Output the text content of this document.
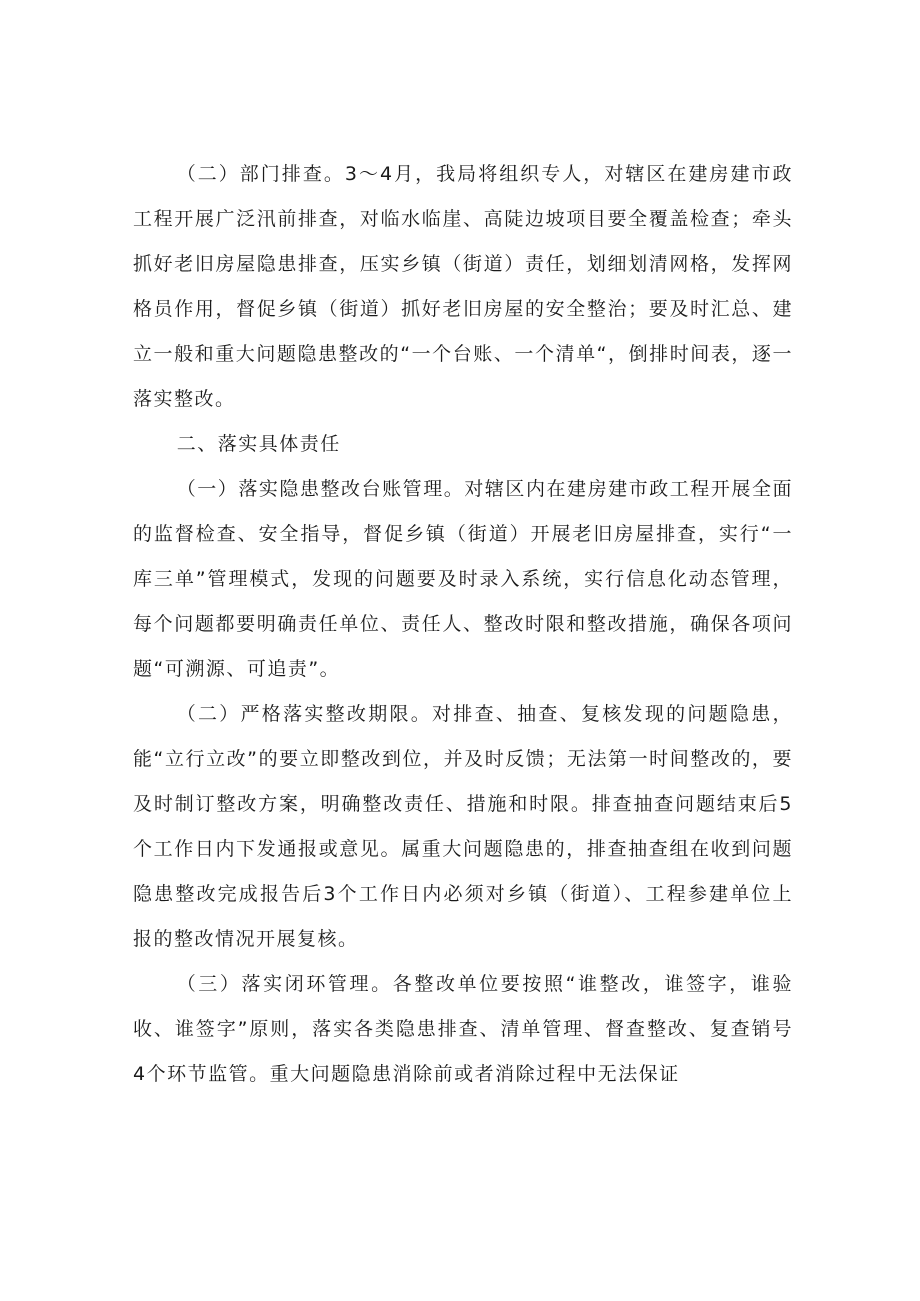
（二）部门排查。3～4月，我局将组织专人，对辖区在建房建市政工程开展广泛汛前排查，对临水临崖、高陡边坡项目要全覆盖检查；牵头抓好老旧房屋隐患排查，压实乡镇（街道）责任，划细划清网格，发挥网格员作用，督促乡镇（街道）抓好老旧房屋的安全整治；要及时汇总、建立一般和重大问题隐患整改的“一个台账、一个清单“，倒排时间表，逐一落实整改。

二、落实具体责任

（一）落实隐患整改台账管理。对辖区内在建房建市政工程开展全面的监督检查、安全指导，督促乡镇（街道）开展老旧房屋排查，实行“一库三单”管理模式，发现的问题要及时录入系统，实行信息化动态管理，每个问题都要明确责任单位、责任人、整改时限和整改措施，确保各项问题“可溯源、可追责”。

（二）严格落实整改期限。对排查、抽查、复核发现的问题隐患，能“立行立改”的要立即整改到位，并及时反馈；无法第一时间整改的，要及时制订整改方案，明确整改责任、措施和时限。排查抽查问题结束后5个工作日内下发通报或意见。属重大问题隐患的，排查抽查组在收到问题隐患整改完成报告后3个工作日内必须对乡镇（街道）、工程参建单位上报的整改情况开展复核。

（三）落实闭环管理。各整改单位要按照“谁整改，谁签字，谁验收、谁签字”原则，落实各类隐患排查、清单管理、督查整改、复查销号4个环节监管。重大问题隐患消除前或者消除过程中无法保证
